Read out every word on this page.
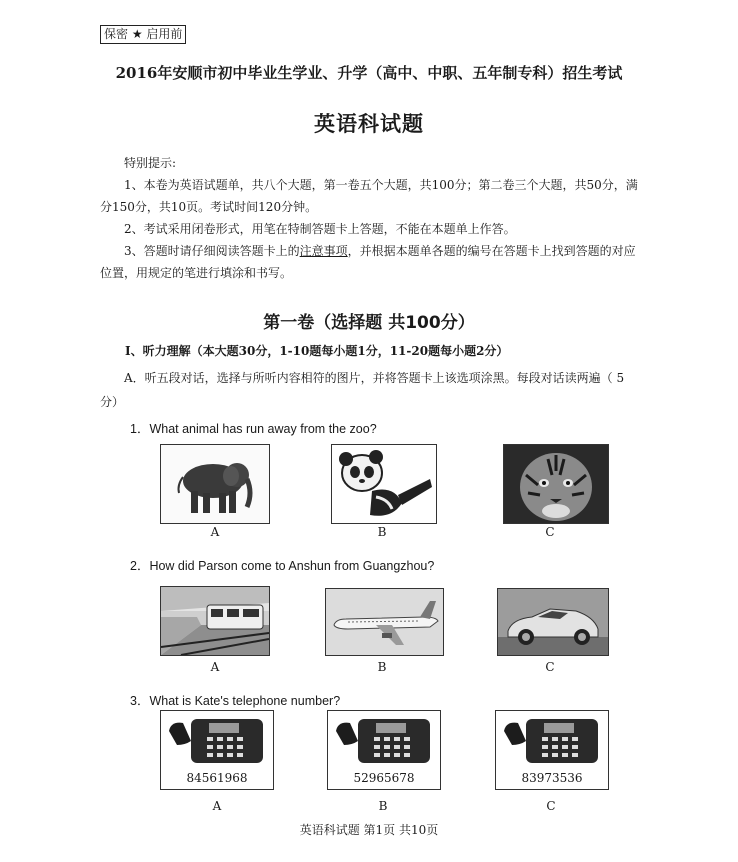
保密 ★ 启用前
2016年安顺市初中毕业生学业、升学（高中、中职、五年制专科）招生考试
英语科试题

特别提示:

1、本卷为英语试题单，共八个大题，第一卷五个大题，共100分；第二卷三个大题，共50分，满分150分，共10页。考试时间120分钟。

2、考试采用闭卷形式，用笔在特制答题卡上答题，不能在本题单上作答。

3、答题时请仔细阅读答题卡上的注意事项，并根据本题单各题的编号在答题卡上找到答题的对应位置，用规定的笔进行填涂和书写。

第一卷（选择题 共100分）
Ⅰ、听力理解（本大题30分，1-10题每小题1分，11-20题每小题2分）
A．听五段对话，选择与所听内容相符的图片，并将答题卡上该选项涂黑。每段对话读两遍（ 5 分）
1．What animal has run away from the zoo?
A	B	C
2．How did Parson come to Anshun from Guangzhou?
A	B	C
3．What is Kate's telephone number?
84561968	52965678	83973536
A	B	C
英语科试题 第1页 共10页
